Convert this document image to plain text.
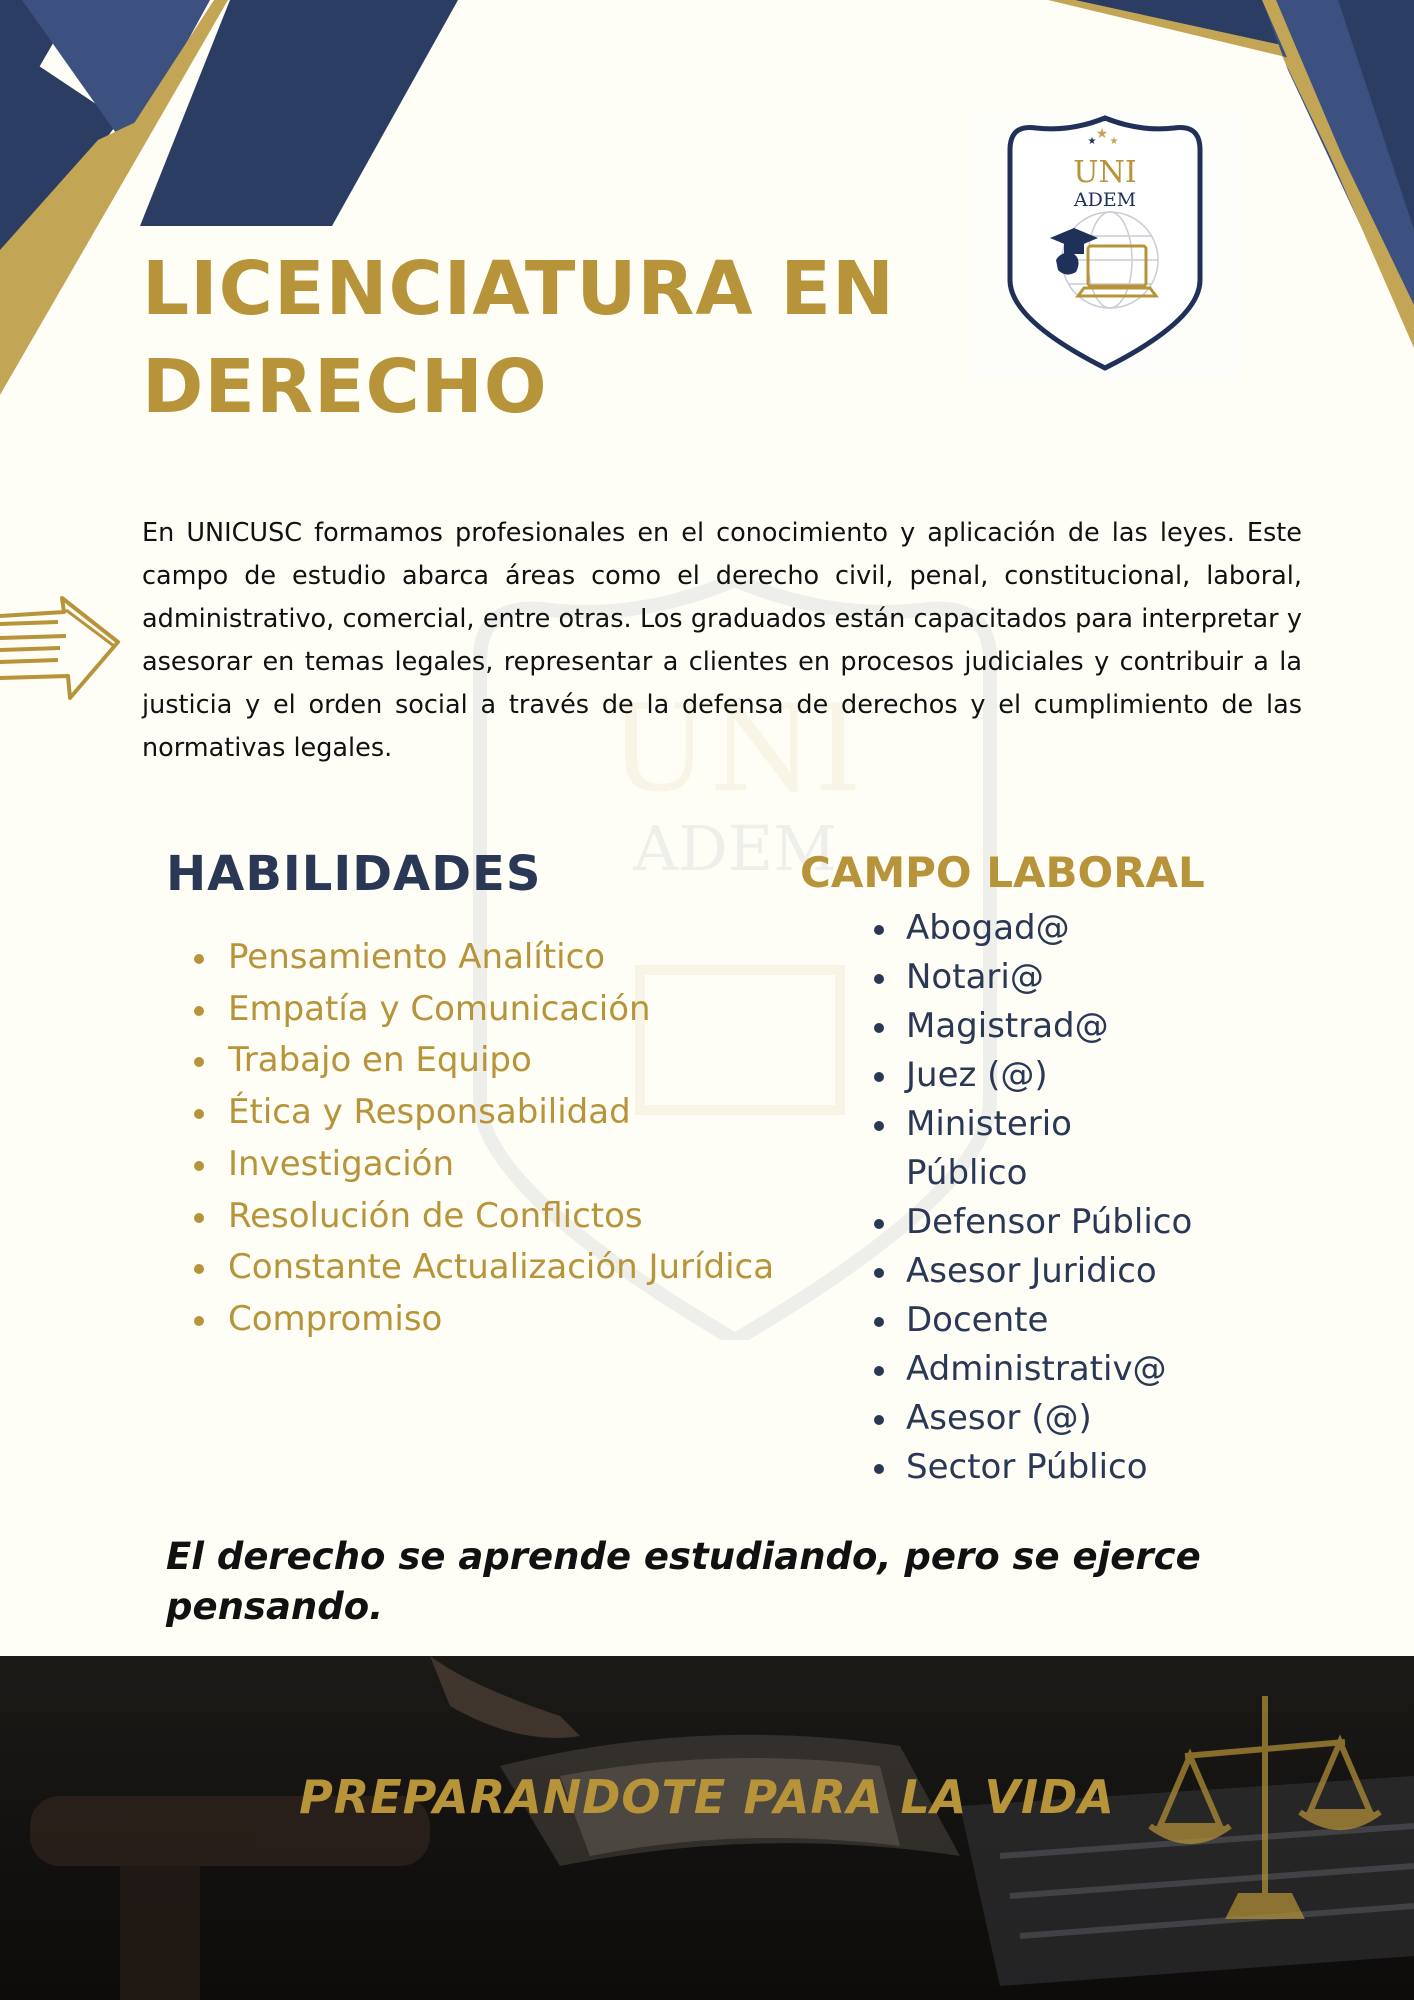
UNI
ADEM
★
★ ★
UNI
ADEM
LICENCIATURA EN DERECHO

En UNICUSC formamos profesionales en el conocimiento y aplicación de las leyes. Este campo de estudio abarca áreas como el derecho civil, penal, constitucional, laboral, administrativo, comercial, entre otras. Los graduados están capacitados para interpretar y asesorar en temas legales, representar a clientes en procesos judiciales y contribuir a la justicia y el orden social a través de la defensa de derechos y el cumplimiento de las normativas legales.

HABILIDADES
Pensamiento Analítico
Empatía y Comunicación
Trabajo en Equipo
Ética y Responsabilidad
Investigación
Resolución de Conflictos
Constante Actualización Jurídica
Compromiso
CAMPO LABORAL
Abogad@
Notari@
Magistrad@
Juez (@)
Ministerio Público
Defensor Público
Asesor Juridico
Docente
Administrativ@
Asesor (@)
Sector Público

El derecho se aprende estudiando, pero se ejerce pensando.

PREPARANDOTE PARA LA VIDA
